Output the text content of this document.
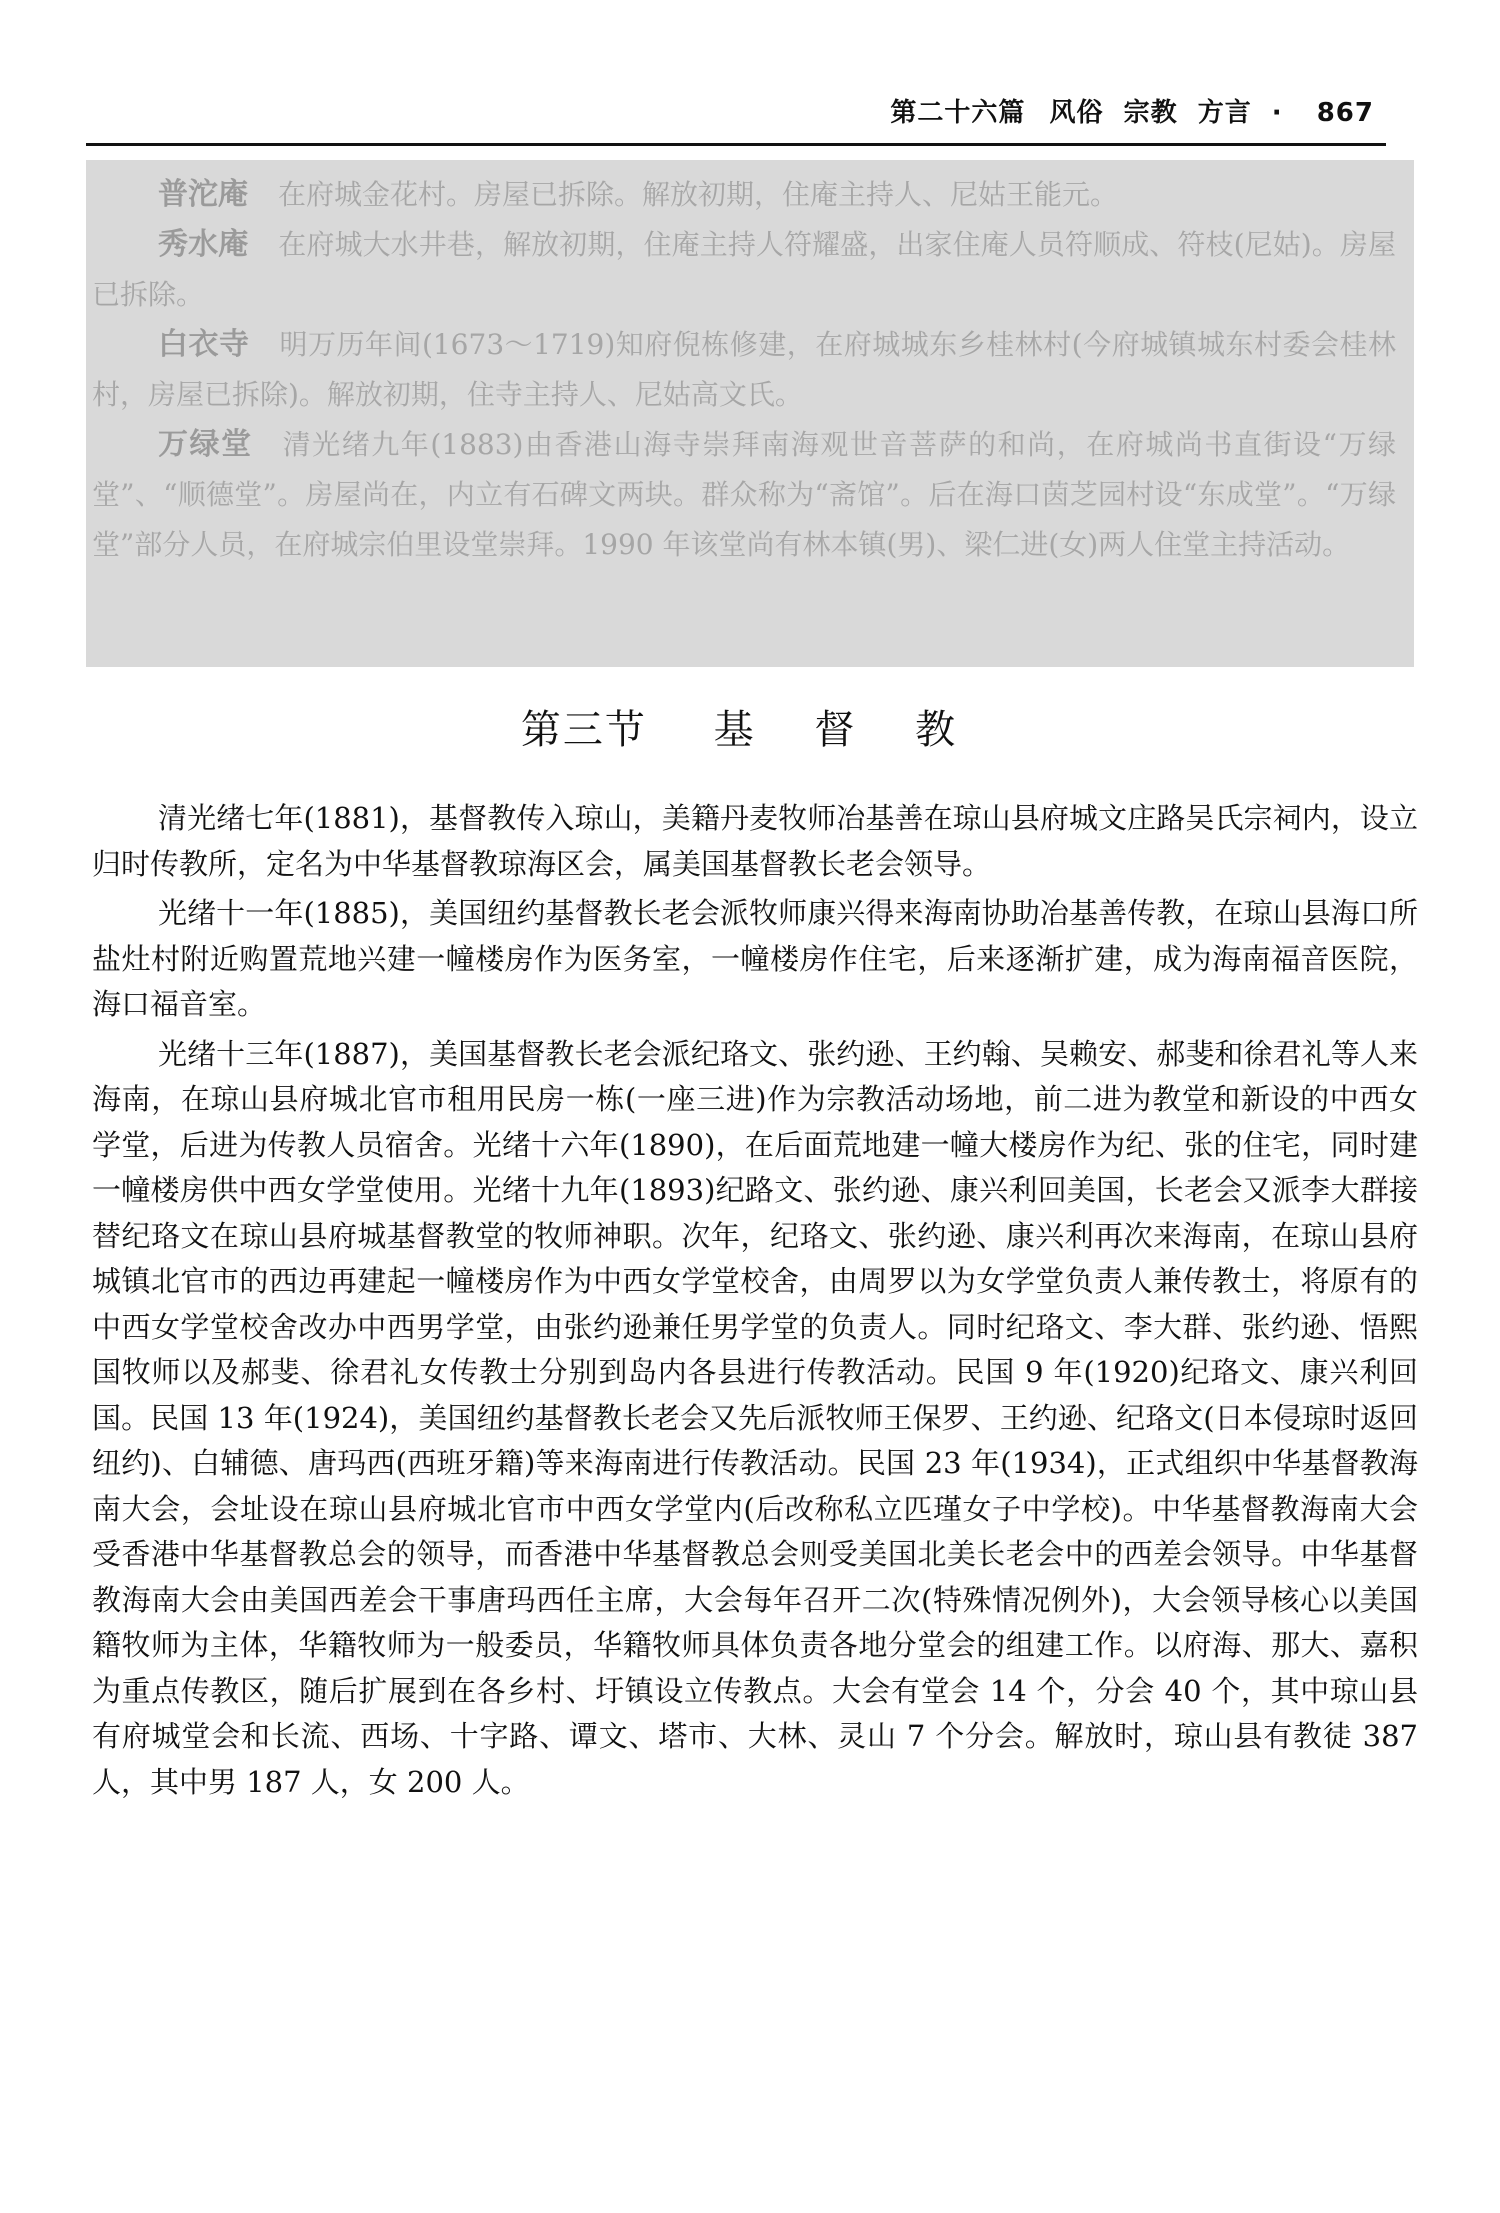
第二十六篇 风俗  宗教  方言 · 867

普沱庵 在府城金花村。房屋已拆除。解放初期，住庵主持人、尼姑王能元。

秀水庵 在府城大水井巷，解放初期，住庵主持人符耀盛，出家住庵人员符顺成、符枝(尼姑)。房屋已拆除。

白衣寺 明万历年间(1673～1719)知府倪栋修建，在府城城东乡桂林村(今府城镇城东村委会桂林村，房屋已拆除)。解放初期，住寺主持人、尼姑高文氏。

万绿堂 清光绪九年(1883)由香港山海寺崇拜南海观世音菩萨的和尚，在府城尚书直街设“万绿堂”、“顺德堂”。房屋尚在，内立有石碑文两块。群众称为“斋馆”。后在海口茵芝园村设“东成堂”。“万绿堂”部分人员，在府城宗伯里设堂崇拜。1990 年该堂尚有林本镇(男)、梁仁进(女)两人住堂主持活动。

第三节 基 督 教

清光绪七年(1881)，基督教传入琼山，美籍丹麦牧师冶基善在琼山县府城文庄路吴氏宗祠内，设立归时传教所，定名为中华基督教琼海区会，属美国基督教长老会领导。

光绪十一年(1885)，美国纽约基督教长老会派牧师康兴得来海南协助冶基善传教，在琼山县海口所盐灶村附近购置荒地兴建一幢楼房作为医务室，一幢楼房作住宅，后来逐渐扩建，成为海南福音医院，海口福音室。

光绪十三年(1887)，美国基督教长老会派纪珞文、张约逊、王约翰、吴赖安、郝斐和徐君礼等人来海南，在琼山县府城北官市租用民房一栋(一座三进)作为宗教活动场地，前二进为教堂和新设的中西女学堂，后进为传教人员宿舍。光绪十六年(1890)，在后面荒地建一幢大楼房作为纪、张的住宅，同时建一幢楼房供中西女学堂使用。光绪十九年(1893)纪路文、张约逊、康兴利回美国，长老会又派李大群接替纪珞文在琼山县府城基督教堂的牧师神职。次年，纪珞文、张约逊、康兴利再次来海南，在琼山县府城镇北官市的西边再建起一幢楼房作为中西女学堂校舍，由周罗以为女学堂负责人兼传教士，将原有的中西女学堂校舍改办中西男学堂，由张约逊兼任男学堂的负责人。同时纪珞文、李大群、张约逊、悟熙国牧师以及郝斐、徐君礼女传教士分别到岛内各县进行传教活动。民国 9 年(1920)纪珞文、康兴利回国。民国 13 年(1924)，美国纽约基督教长老会又先后派牧师王保罗、王约逊、纪珞文(日本侵琼时返回纽约)、白辅德、唐玛西(西班牙籍)等来海南进行传教活动。民国 23 年(1934)，正式组织中华基督教海南大会，会址设在琼山县府城北官市中西女学堂内(后改称私立匹瑾女子中学校)。中华基督教海南大会受香港中华基督教总会的领导，而香港中华基督教总会则受美国北美长老会中的西差会领导。中华基督教海南大会由美国西差会干事唐玛西任主席，大会每年召开二次(特殊情况例外)，大会领导核心以美国籍牧师为主体，华籍牧师为一般委员，华籍牧师具体负责各地分堂会的组建工作。以府海、那大、嘉积为重点传教区，随后扩展到在各乡村、圩镇设立传教点。大会有堂会 14 个，分会 40 个，其中琼山县有府城堂会和长流、西场、十字路、谭文、塔市、大林、灵山 7 个分会。解放时，琼山县有教徒 387 人，其中男 187 人，女 200 人。
